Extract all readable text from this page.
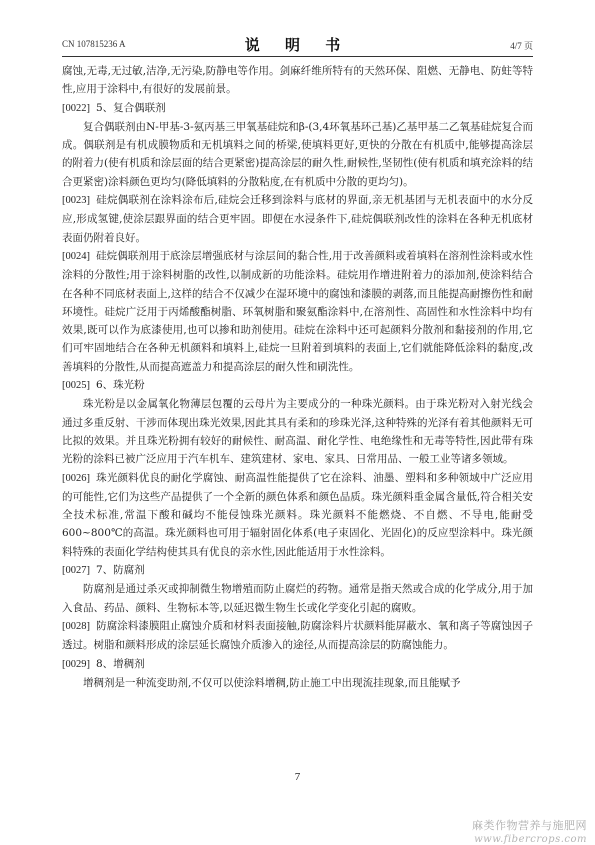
CN 107815236 A	说 明 书	4/7 页

腐蚀,无毒,无过敏,洁净,无污染,防静电等作用。剑麻纤维所特有的天然环保、阻燃、无静电、防蛀等特性,应用于涂料中,有很好的发展前景。

[0022] 5、复合偶联剂

复合偶联剂由N-甲基-3-氨丙基三甲氧基硅烷和β-(3,4环氧基环己基)乙基甲基二乙氧基硅烷复合而成。偶联剂是有机成膜物质和无机填料之间的桥梁,使填料更好,更快的分散在有机质中,能够提高涂层的附着力(使有机质和涂层面的结合更紧密)提高涂层的耐久性,耐候性,坚韧性(使有机质和填充涂料的结合更紧密)涂料颜色更均匀(降低填料的分散粘度,在有机质中分散的更均匀)。

[0023] 硅烷偶联剂在涂料涂布后,硅烷会迁移到涂料与底材的界面,亲无机基团与无机表面中的水分反应,形成氢键,使涂层跟界面的结合更牢固。即便在水浸条件下,硅烷偶联剂改性的涂料在各种无机底材表面仍附着良好。

[0024] 硅烷偶联剂用于底涂层增强底材与涂层间的黏合性,用于改善颜料或着填料在溶剂性涂料或水性涂料的分散性;用于涂料树脂的改性,以制成新的功能涂料。硅烷用作增进附着力的添加剂,使涂料结合在各种不同底材表面上,这样的结合不仅减少在湿环境中的腐蚀和漆膜的剥落,而且能提高耐擦伤性和耐环境性。硅烷广泛用于丙烯酸酯树脂、环氧树脂和聚氨酯涂料中,在溶剂性、高固性和水性涂料中均有效果,既可以作为底漆使用,也可以掺和助剂使用。硅烷在涂料中还可起颜料分散剂和黏接剂的作用,它们可牢固地结合在各种无机颜料和填料上,硅烷一旦附着到填料的表面上,它们就能降低涂料的黏度,改善填料的分散性,从而提高遮盖力和提高涂层的耐久性和刷洗性。

[0025] 6、珠光粉

珠光粉是以金属氧化物薄层包覆的云母片为主要成分的一种珠光颜料。由于珠光粉对入射光线会通过多重反射、干涉而体现出珠光效果,因此其具有柔和的珍珠光泽,这种特殊的光泽有着其他颜料无可比拟的效果。并且珠光粉拥有较好的耐候性、耐高温、耐化学性、电绝缘性和无毒等特性,因此带有珠光粉的涂料已被广泛应用于汽车机车、建筑建材、家电、家具、日常用品、一般工业等诸多领域。

[0026] 珠光颜料优良的耐化学腐蚀、耐高温性能提供了它在涂料、油墨、塑料和多种领域中广泛应用的可能性,它们为这些产品提供了一个全新的颜色体系和颜色品质。珠光颜料重金属含量低,符合相关安全技术标准,常温下酸和碱均不能侵蚀珠光颜料。珠光颜料不能燃烧、不自燃、不导电,能耐受600~800℃的高温。珠光颜料也可用于辐射固化体系(电子束固化、光固化)的反应型涂料中。珠光颜料特殊的表面化学结构使其具有优良的亲水性,因此能适用于水性涂料。

[0027] 7、防腐剂

防腐剂是通过杀灭或抑制微生物增殖而防止腐烂的药物。通常是指天然或合成的化学成分,用于加入食品、药品、颜料、生物标本等,以延迟微生物生长或化学变化引起的腐败。

[0028] 防腐涂料漆膜阻止腐蚀介质和材料表面接触,防腐涂料片状颜料能屏蔽水、氧和离子等腐蚀因子透过。树脂和颜料形成的涂层延长腐蚀介质渗入的途径,从而提高涂层的防腐蚀能力。

[0029] 8、增稠剂

增稠剂是一种流变助剂,不仅可以使涂料增稠,防止施工中出现流挂现象,而且能赋予

7
麻类作物营养与施肥网
www.fibercrops.com
